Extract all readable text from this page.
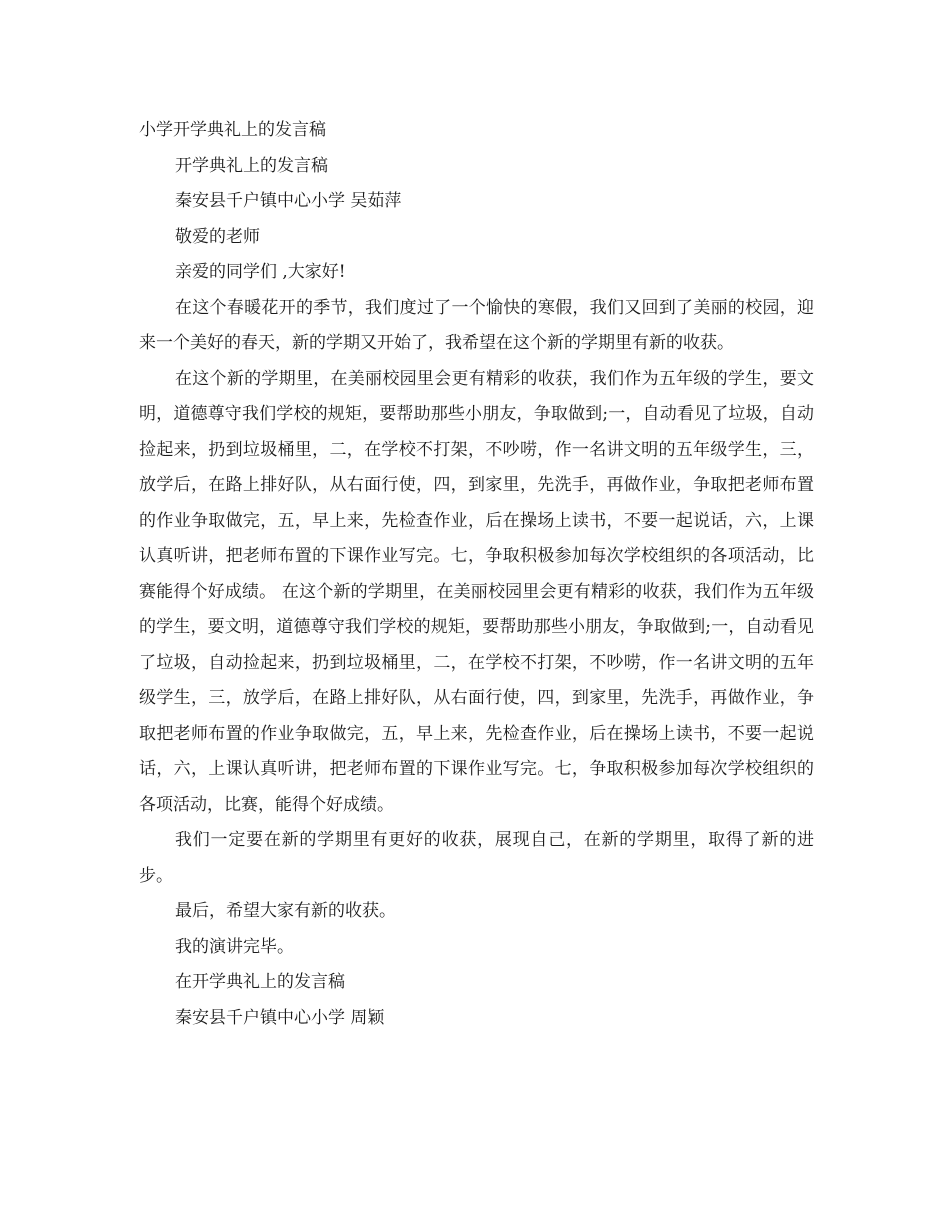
小学开学典礼上的发言稿

开学典礼上的发言稿

秦安县千户镇中心小学 吴茹萍

敬爱的老师

亲爱的同学们 ,大家好!

在这个春暖花开的季节，我们度过了一个愉快的寒假，我们又回到了美丽的校园，迎来一个美好的春天，新的学期又开始了，我希望在这个新的学期里有新的收获。

在这个新的学期里，在美丽校园里会更有精彩的收获，我们作为五年级的学生，要文明，道德尊守我们学校的规矩，要帮助那些小朋友，争取做到;一，自动看见了垃圾，自动捡起来，扔到垃圾桶里，二，在学校不打架，不吵唠，作一名讲文明的五年级学生，三，放学后，在路上排好队，从右面行使，四，到家里，先洗手，再做作业，争取把老师布置的作业争取做完，五，早上来，先检查作业，后在操场上读书，不要一起说话，六，上课认真听讲，把老师布置的下课作业写完。七，争取积极参加每次学校组织的各项活动，比赛能得个好成绩。 在这个新的学期里，在美丽校园里会更有精彩的收获，我们作为五年级的学生，要文明，道德尊守我们学校的规矩，要帮助那些小朋友，争取做到;一，自动看见了垃圾，自动捡起来，扔到垃圾桶里，二，在学校不打架，不吵唠，作一名讲文明的五年级学生，三，放学后，在路上排好队，从右面行使，四，到家里，先洗手，再做作业，争取把老师布置的作业争取做完，五，早上来，先检查作业，后在操场上读书，不要一起说话，六，上课认真听讲，把老师布置的下课作业写完。七，争取积极参加每次学校组织的各项活动，比赛，能得个好成绩。

我们一定要在新的学期里有更好的收获，展现自己，在新的学期里，取得了新的进步。

最后，希望大家有新的收获。

我的演讲完毕。

在开学典礼上的发言稿

秦安县千户镇中心小学 周颖
